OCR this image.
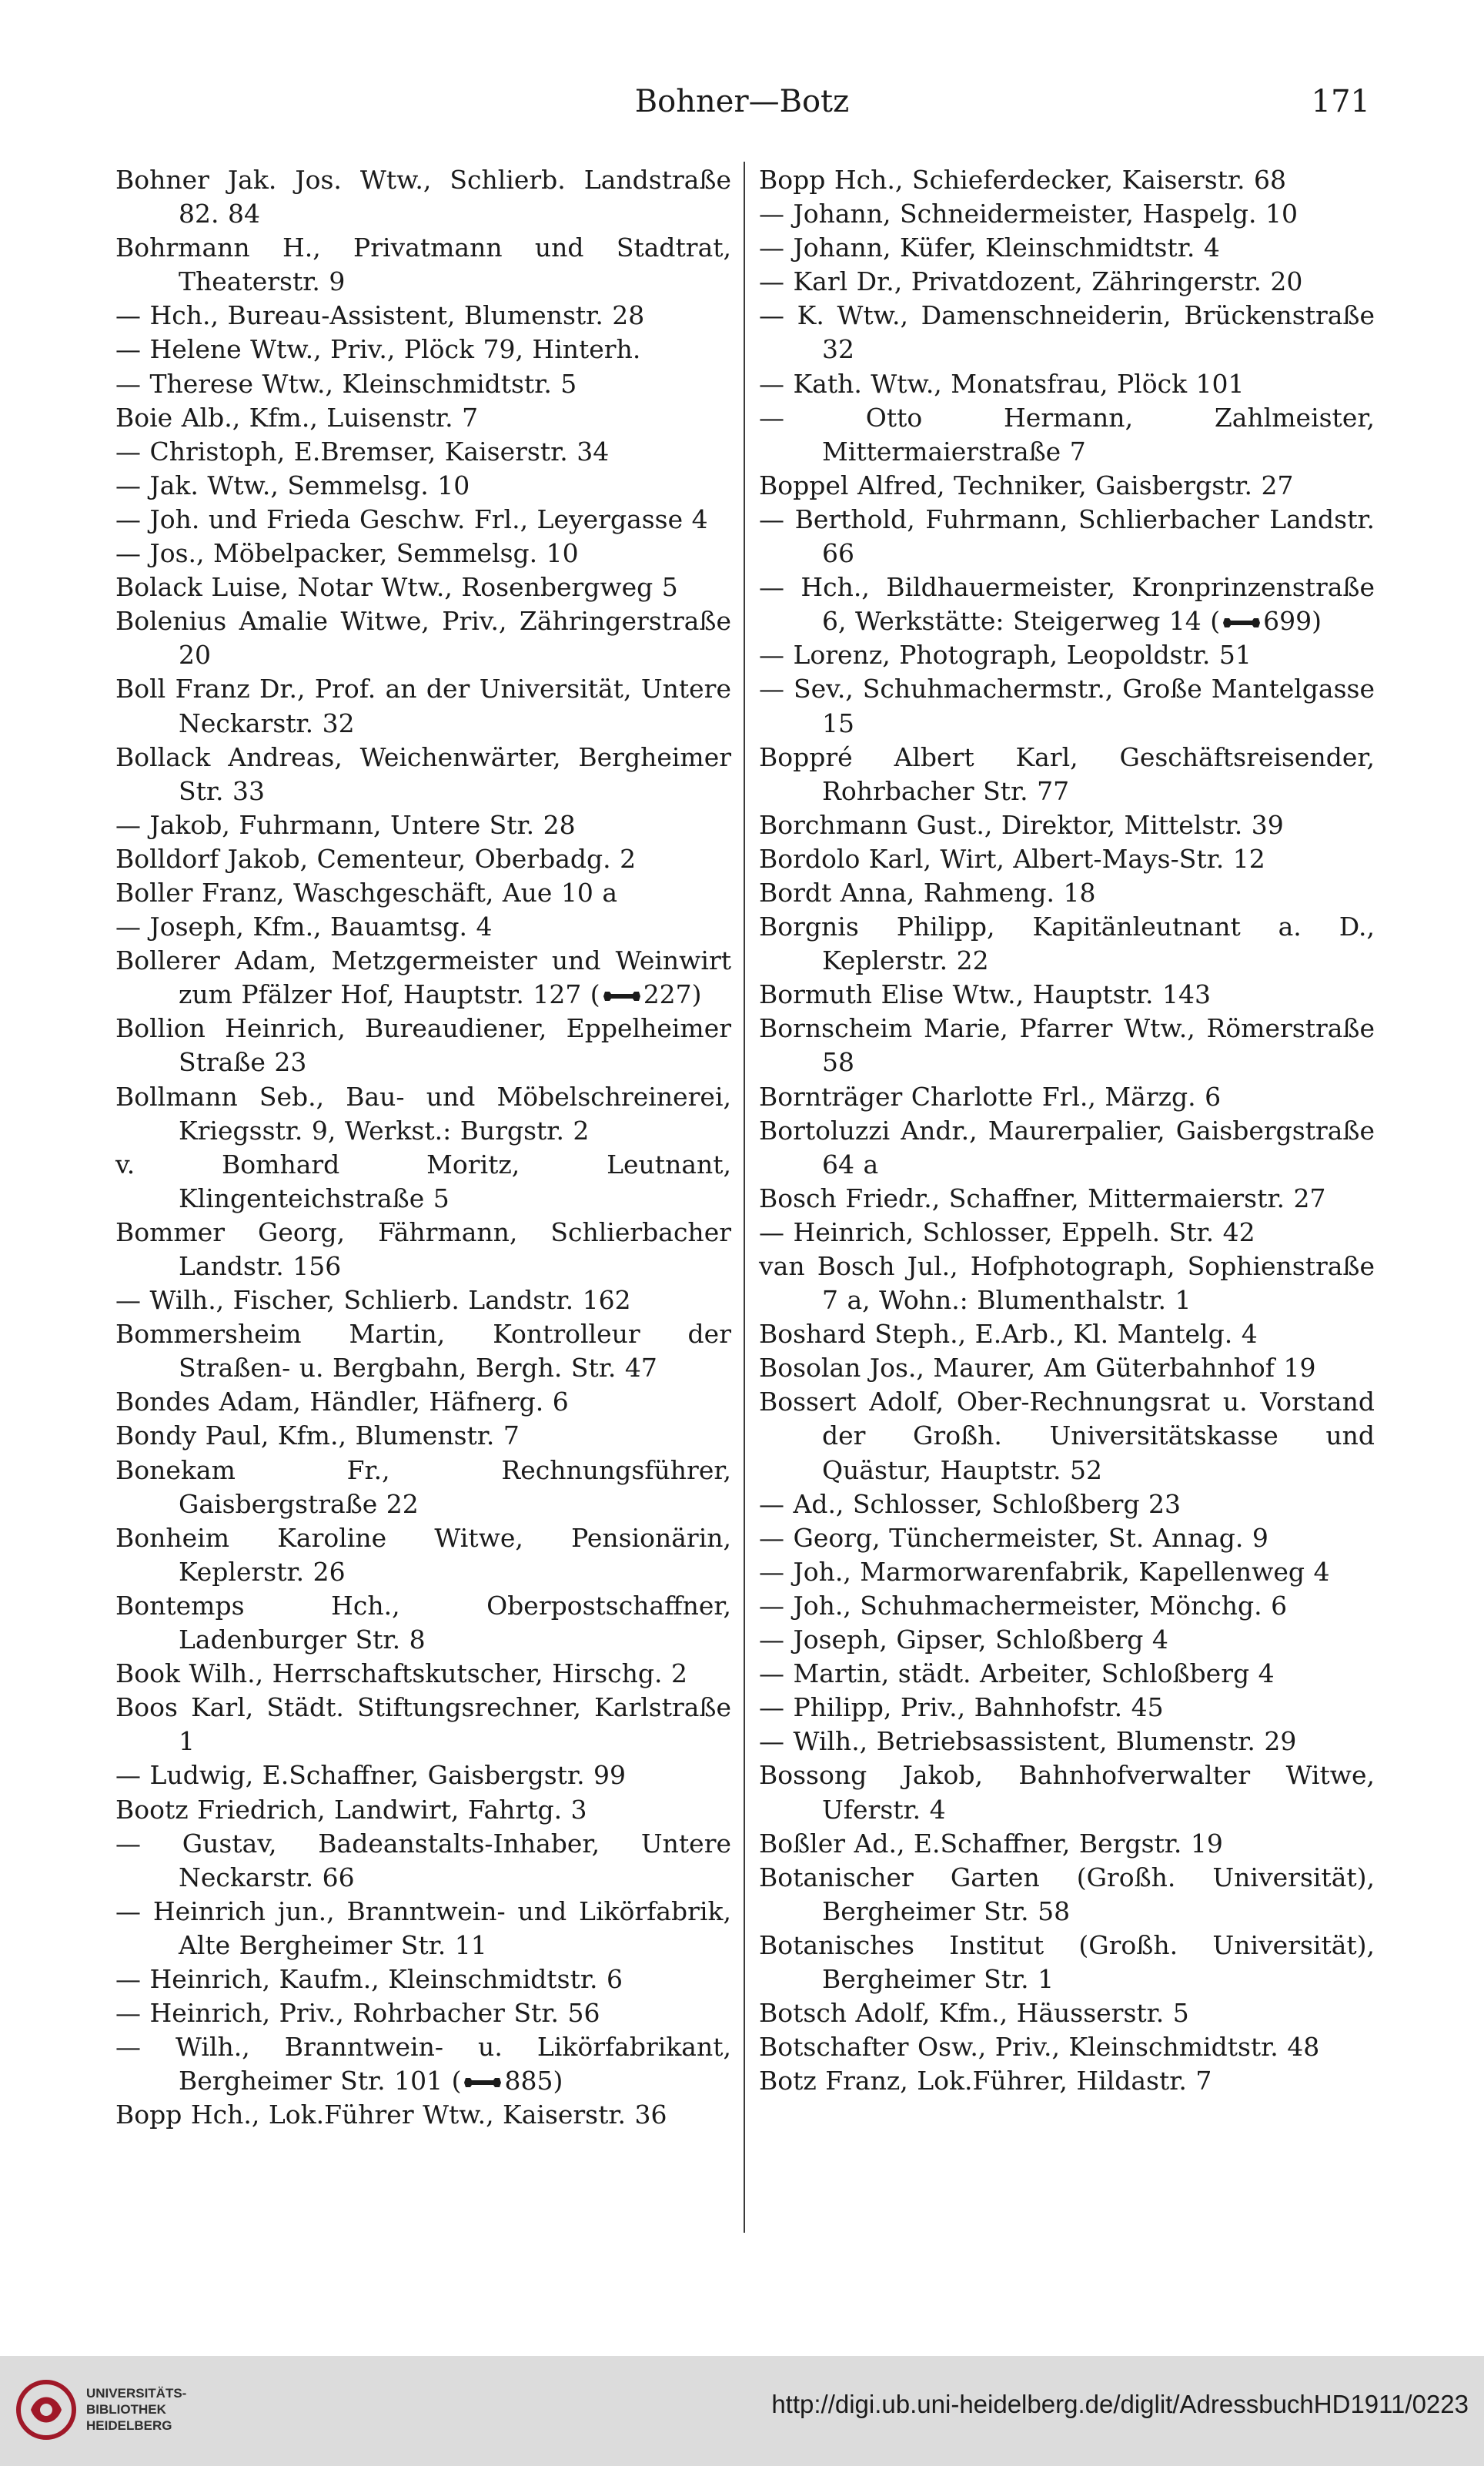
Bohner—Botz	171
Bohner Jak. Jos. Wtw., Schlierb. Landstraße 82. 84
Bohrmann H., Privatmann und Stadtrat, Theaterstr. 9
— Hch., Bureau-Assistent, Blumenstr. 28
— Helene Wtw., Priv., Plöck 79, Hinterh.
— Therese Wtw., Kleinschmidtstr. 5
Boie Alb., Kfm., Luisenstr. 7
— Christoph, E.Bremser, Kaiserstr. 34
— Jak. Wtw., Semmelsg. 10
— Joh. und Frieda Geschw. Frl., Leyergasse 4
— Jos., Möbelpacker, Semmelsg. 10
Bolack Luise, Notar Wtw., Rosenbergweg 5
Bolenius Amalie Witwe, Priv., Zähringerstraße 20
Boll Franz Dr., Prof. an der Universität, Untere Neckarstr. 32
Bollack Andreas, Weichenwärter, Bergheimer Str. 33
— Jakob, Fuhrmann, Untere Str. 28
Bolldorf Jakob, Cementeur, Oberbadg. 2
Boller Franz, Waschgeschäft, Aue 10 a
— Joseph, Kfm., Bauamtsg. 4
Bollerer Adam, Metzgermeister und Weinwirt zum Pfälzer Hof, Hauptstr. 127 ( 227)
Bollion Heinrich, Bureaudiener, Eppelheimer Straße 23
Bollmann Seb., Bau- und Möbelschreinerei, Kriegsstr. 9, Werkst.: Burgstr. 2
v. Bomhard Moritz, Leutnant, Klingenteichstraße 5
Bommer Georg, Fährmann, Schlierbacher Landstr. 156
— Wilh., Fischer, Schlierb. Landstr. 162
Bommersheim Martin, Kontrolleur der Straßen- u. Bergbahn, Bergh. Str. 47
Bondes Adam, Händler, Häfnerg. 6
Bondy Paul, Kfm., Blumenstr. 7
Bonekam Fr., Rechnungsführer, Gaisbergstraße 22
Bonheim Karoline Witwe, Pensionärin, Keplerstr. 26
Bontemps Hch., Oberpostschaffner, Ladenburger Str. 8
Book Wilh., Herrschaftskutscher, Hirschg. 2
Boos Karl, Städt. Stiftungsrechner, Karlstraße 1
— Ludwig, E.Schaffner, Gaisbergstr. 99
Bootz Friedrich, Landwirt, Fahrtg. 3
— Gustav, Badeanstalts-Inhaber, Untere Neckarstr. 66
— Heinrich jun., Branntwein- und Likörfabrik, Alte Bergheimer Str. 11
— Heinrich, Kaufm., Kleinschmidtstr. 6
— Heinrich, Priv., Rohrbacher Str. 56
— Wilh., Branntwein- u. Likörfabrikant, Bergheimer Str. 101 ( 885)
Bopp Hch., Lok.Führer Wtw., Kaiserstr. 36
Bopp Hch., Schieferdecker, Kaiserstr. 68
— Johann, Schneidermeister, Haspelg. 10
— Johann, Küfer, Kleinschmidtstr. 4
— Karl Dr., Privatdozent, Zähringerstr. 20
— K. Wtw., Damenschneiderin, Brückenstraße 32
— Kath. Wtw., Monatsfrau, Plöck 101
— Otto Hermann, Zahlmeister, Mittermaierstraße 7
Boppel Alfred, Techniker, Gaisbergstr. 27
— Berthold, Fuhrmann, Schlierbacher Landstr. 66
— Hch., Bildhauermeister, Kronprinzenstraße 6, Werkstätte: Steigerweg 14 ( 699)
— Lorenz, Photograph, Leopoldstr. 51
— Sev., Schuhmachermstr., Große Mantelgasse 15
Boppré Albert Karl, Geschäftsreisender, Rohrbacher Str. 77
Borchmann Gust., Direktor, Mittelstr. 39
Bordolo Karl, Wirt, Albert-Mays-Str. 12
Bordt Anna, Rahmeng. 18
Borgnis Philipp, Kapitänleutnant a. D., Keplerstr. 22
Bormuth Elise Wtw., Hauptstr. 143
Bornscheim Marie, Pfarrer Wtw., Römerstraße 58
Bornträger Charlotte Frl., Märzg. 6
Bortoluzzi Andr., Maurerpalier, Gaisbergstraße 64 a
Bosch Friedr., Schaffner, Mittermaierstr. 27
— Heinrich, Schlosser, Eppelh. Str. 42
van Bosch Jul., Hofphotograph, Sophienstraße 7 a, Wohn.: Blumenthalstr. 1
Boshard Steph., E.Arb., Kl. Mantelg. 4
Bosolan Jos., Maurer, Am Güterbahnhof 19
Bossert Adolf, Ober-Rechnungsrat u. Vorstand der Großh. Universitätskasse und Quästur, Hauptstr. 52
— Ad., Schlosser, Schloßberg 23
— Georg, Tünchermeister, St. Annag. 9
— Joh., Marmorwarenfabrik, Kapellenweg 4
— Joh., Schuhmachermeister, Mönchg. 6
— Joseph, Gipser, Schloßberg 4
— Martin, städt. Arbeiter, Schloßberg 4
— Philipp, Priv., Bahnhofstr. 45
— Wilh., Betriebsassistent, Blumenstr. 29
Bossong Jakob, Bahnhofverwalter Witwe, Uferstr. 4
Boßler Ad., E.Schaffner, Bergstr. 19
Botanischer Garten (Großh. Universität), Bergheimer Str. 58
Botanisches Institut (Großh. Universität), Bergheimer Str. 1
Botsch Adolf, Kfm., Häusserstr. 5
Botschafter Osw., Priv., Kleinschmidtstr. 48
Botz Franz, Lok.Führer, Hildastr. 7
UNIVERSITÄTS-
BIBLIOTHEK
HEIDELBERG
http://digi.ub.uni-heidelberg.de/diglit/AdressbuchHD1911/0223
